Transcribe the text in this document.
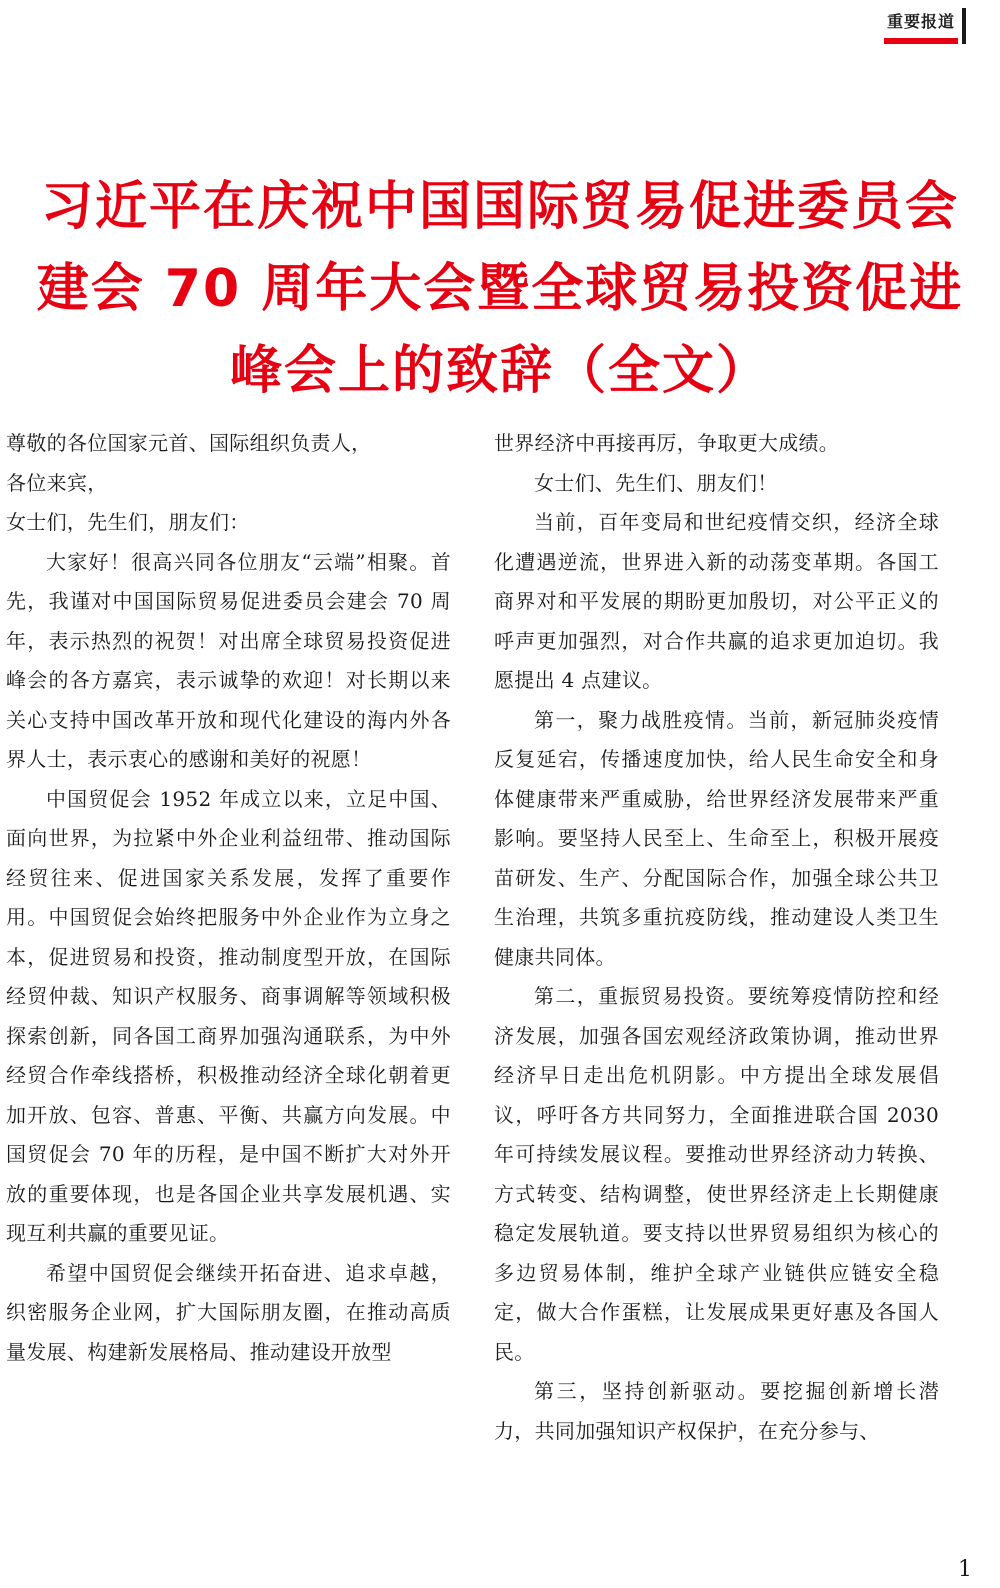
重要报道
习近平在庆祝中国国际贸易促进委员会
建会 70 周年大会暨全球贸易投资促进
峰会上的致辞（全文）

尊敬的各位国家元首、国际组织负责人，

各位来宾，

女士们，先生们，朋友们：

大家好！很高兴同各位朋友“云端”相聚。首先，我谨对中国国际贸易促进委员会建会 70 周年，表示热烈的祝贺！对出席全球贸易投资促进峰会的各方嘉宾，表示诚挚的欢迎！对长期以来关心支持中国改革开放和现代化建设的海内外各界人士，表示衷心的感谢和美好的祝愿！

中国贸促会 1952 年成立以来，立足中国、面向世界，为拉紧中外企业利益纽带、推动国际经贸往来、促进国家关系发展，发挥了重要作用。中国贸促会始终把服务中外企业作为立身之本，促进贸易和投资，推动制度型开放，在国际经贸仲裁、知识产权服务、商事调解等领域积极探索创新，同各国工商界加强沟通联系，为中外经贸合作牵线搭桥，积极推动经济全球化朝着更加开放、包容、普惠、平衡、共赢方向发展。中国贸促会 70 年的历程，是中国不断扩大对外开放的重要体现，也是各国企业共享发展机遇、实现互利共赢的重要见证。

希望中国贸促会继续开拓奋进、追求卓越，织密服务企业网，扩大国际朋友圈，在推动高质量发展、构建新发展格局、推动建设开放型

世界经济中再接再厉，争取更大成绩。

女士们、先生们、朋友们！

当前，百年变局和世纪疫情交织，经济全球化遭遇逆流，世界进入新的动荡变革期。各国工商界对和平发展的期盼更加殷切，对公平正义的呼声更加强烈，对合作共赢的追求更加迫切。我愿提出 4 点建议。

第一，聚力战胜疫情。当前，新冠肺炎疫情反复延宕，传播速度加快，给人民生命安全和身体健康带来严重威胁，给世界经济发展带来严重影响。要坚持人民至上、生命至上，积极开展疫苗研发、生产、分配国际合作，加强全球公共卫生治理，共筑多重抗疫防线，推动建设人类卫生健康共同体。

第二，重振贸易投资。要统筹疫情防控和经济发展，加强各国宏观经济政策协调，推动世界经济早日走出危机阴影。中方提出全球发展倡议，呼吁各方共同努力，全面推进联合国 2030 年可持续发展议程。要推动世界经济动力转换、方式转变、结构调整，使世界经济走上长期健康稳定发展轨道。要支持以世界贸易组织为核心的多边贸易体制，维护全球产业链供应链安全稳定，做大合作蛋糕，让发展成果更好惠及各国人民。

第三，坚持创新驱动。要挖掘创新增长潜力，共同加强知识产权保护，在充分参与、

1
